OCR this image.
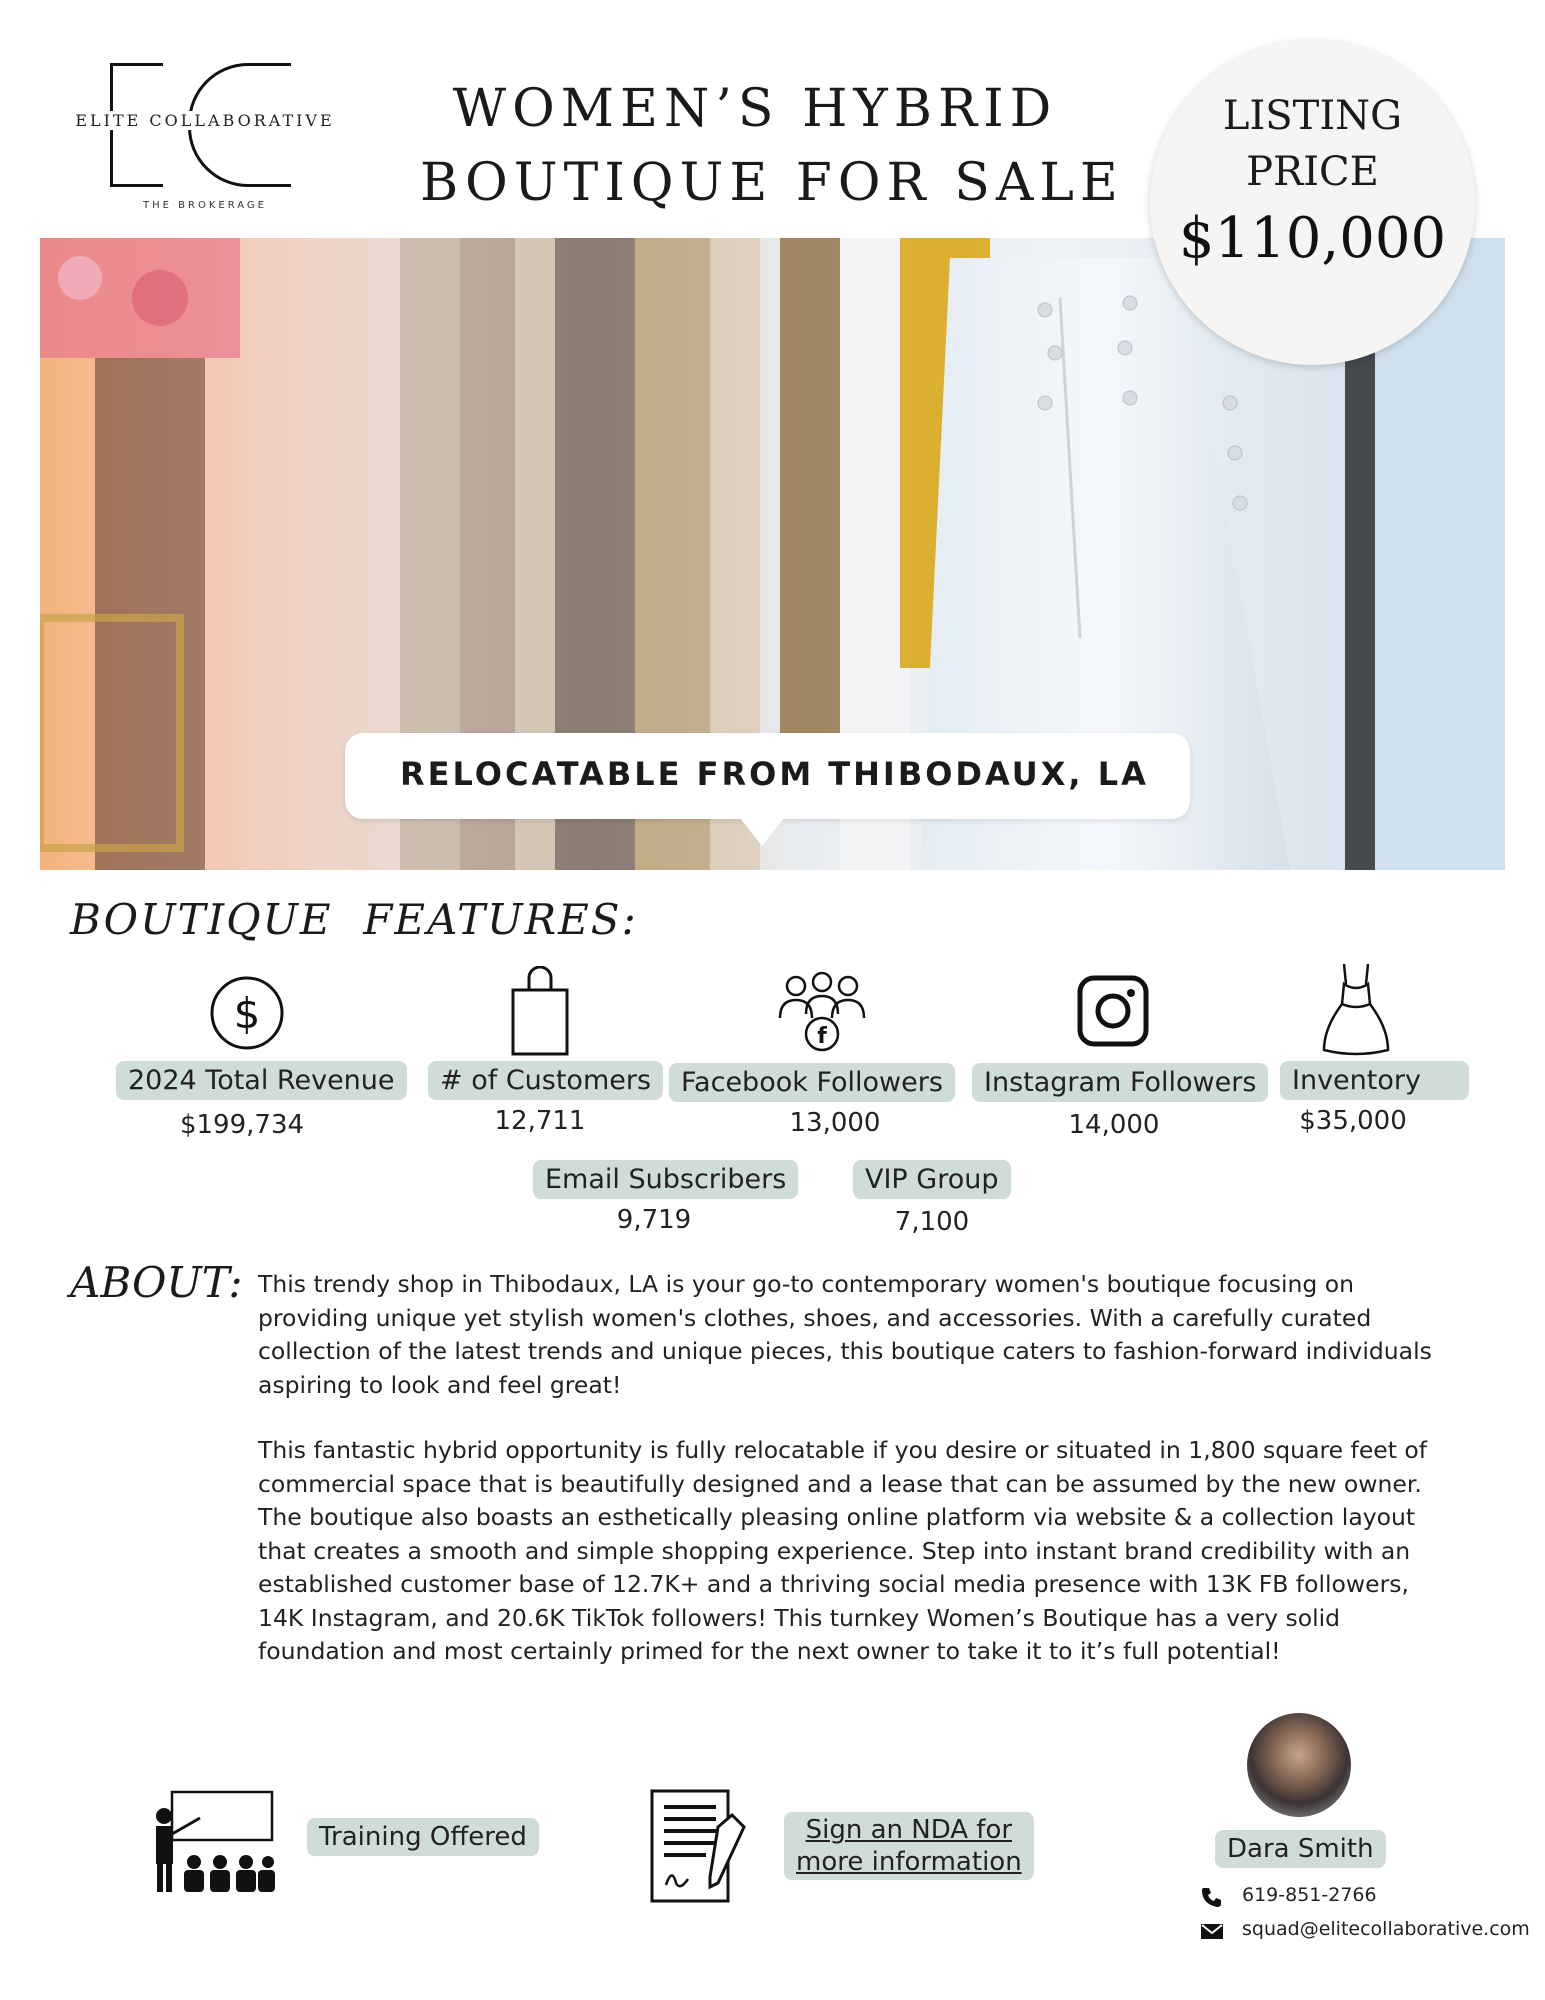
ELITE COLLABORATIVE
THE BROKERAGE
WOMEN’S HYBRID
BOUTIQUE FOR SALE
RELOCATABLE FROM THIBODAUX, LA
LISTING
PRICE
$110,000
BOUTIQUE  FEATURES:
$	f
2024 Total Revenue
$199,734
# of Customers
12,711
Facebook Followers
13,000
Instagram Followers
14,000
Inventory
$35,000
Email Subscribers
9,719
VIP Group
7,100
ABOUT: This trendy shop in Thibodaux, LA is your go-to contemporary women's boutique focusing on providing unique yet stylish women's clothes, shoes, and accessories. With a carefully curated collection of the latest trends and unique pieces, this boutique caters to fashion-forward individuals aspiring to look and feel great!

This fantastic hybrid opportunity is fully relocatable if you desire or situated in 1,800 square feet of commercial space that is beautifully designed and a lease that can be assumed by the new owner. The boutique also boasts an esthetically pleasing online platform via website & a collection layout that creates a smooth and simple shopping experience. Step into instant brand credibility with an established customer base of 12.7K+ and a thriving social media presence with 13K FB followers, 14K Instagram, and 20.6K TikTok followers! This turnkey Women’s Boutique has a very solid foundation and most certainly primed for the next owner to take it to it’s full potential!

Training Offered	Sign an NDA for
more information	Dara Smith
619-851-2766
squad@elitecollaborative.com
